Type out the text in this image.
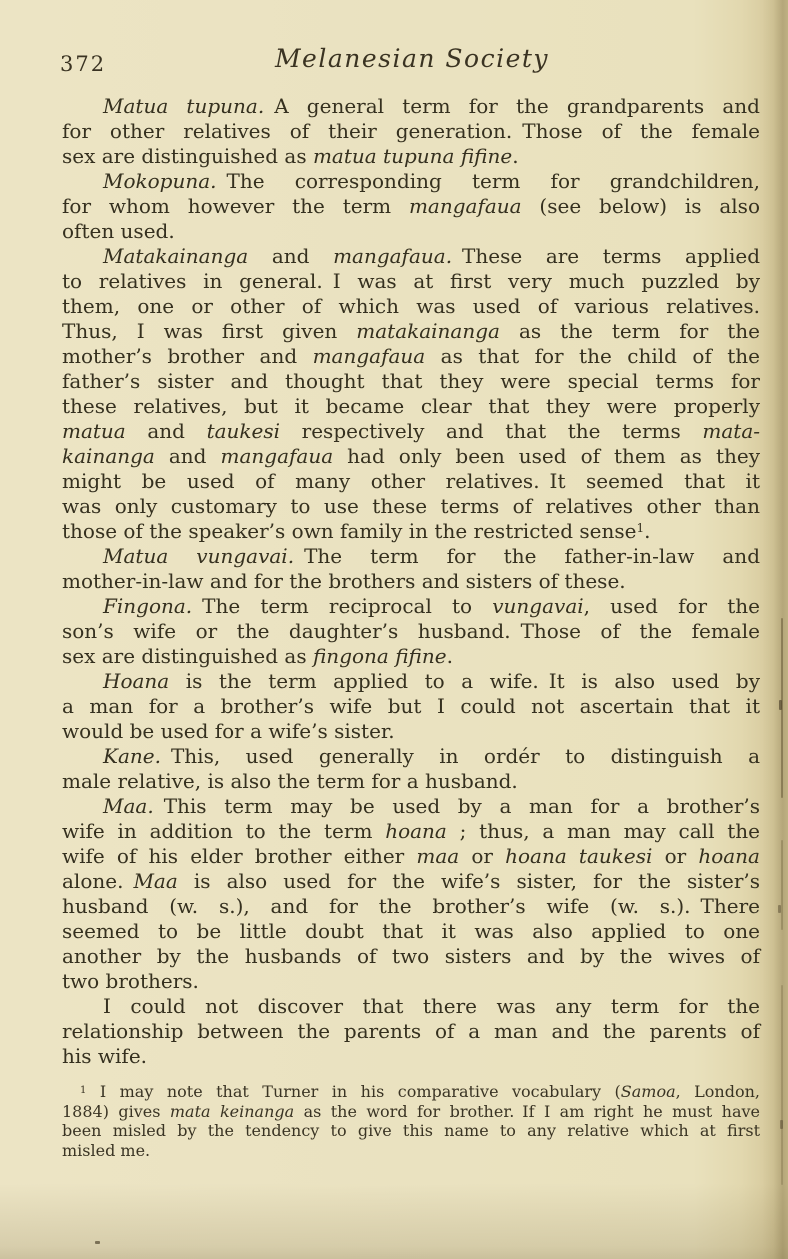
372	Melanesian Society
Matua tupuna. A general term for the grandparents and
for other relatives of their generation. Those of the female
sex are distinguished as matua tupuna fifine.
Mokopuna. The corresponding term for grandchildren,
for whom however the term mangafaua (see below) is also
often used.
Matakainanga and mangafaua. These are terms applied
to relatives in general. I was at first very much puzzled by
them, one or other of which was used of various relatives.
Thus, I was first given matakainanga as the term for the
mother’s brother and mangafaua as that for the child of the
father’s sister and thought that they were special terms for
these relatives, but it became clear that they were properly
matua and taukesi respectively and that the terms mata-
kainanga and mangafaua had only been used of them as they
might be used of many other relatives. It seemed that it
was only customary to use these terms of relatives other than
those of the speaker’s own family in the restricted sense$^1$.
Matua vungavai. The term for the father-in-law and
mother-in-law and for the brothers and sisters of these.
Fingona. The term reciprocal to vungavai, used for the
son’s wife or the daughter’s husband. Those of the female
sex are distinguished as fingona fifine.
Hoana is the term applied to a wife. It is also used by
a man for a brother’s wife but I could not ascertain that it
would be used for a wife’s sister.
Kane. This, used generally in ordér to distinguish a
male relative, is also the term for a husband.
Maa. This term may be used by a man for a brother’s
wife in addition to the term hoana ; thus, a man may call the
wife of his elder brother either maa or hoana taukesi or hoana
alone. Maa is also used for the wife’s sister, for the sister’s
husband (w. s.), and for the brother’s wife (w. s.). There
seemed to be little doubt that it was also applied to one
another by the husbands of two sisters and by the wives of
two brothers.
I could not discover that there was any term for the
relationship between the parents of a man and the parents of
his wife.
$^1$ I may note that Turner in his comparative vocabulary (Samoa, London,
1884) gives mata keinanga as the word for brother. If I am right he must have
been misled by the tendency to give this name to any relative which at first
misled me.
